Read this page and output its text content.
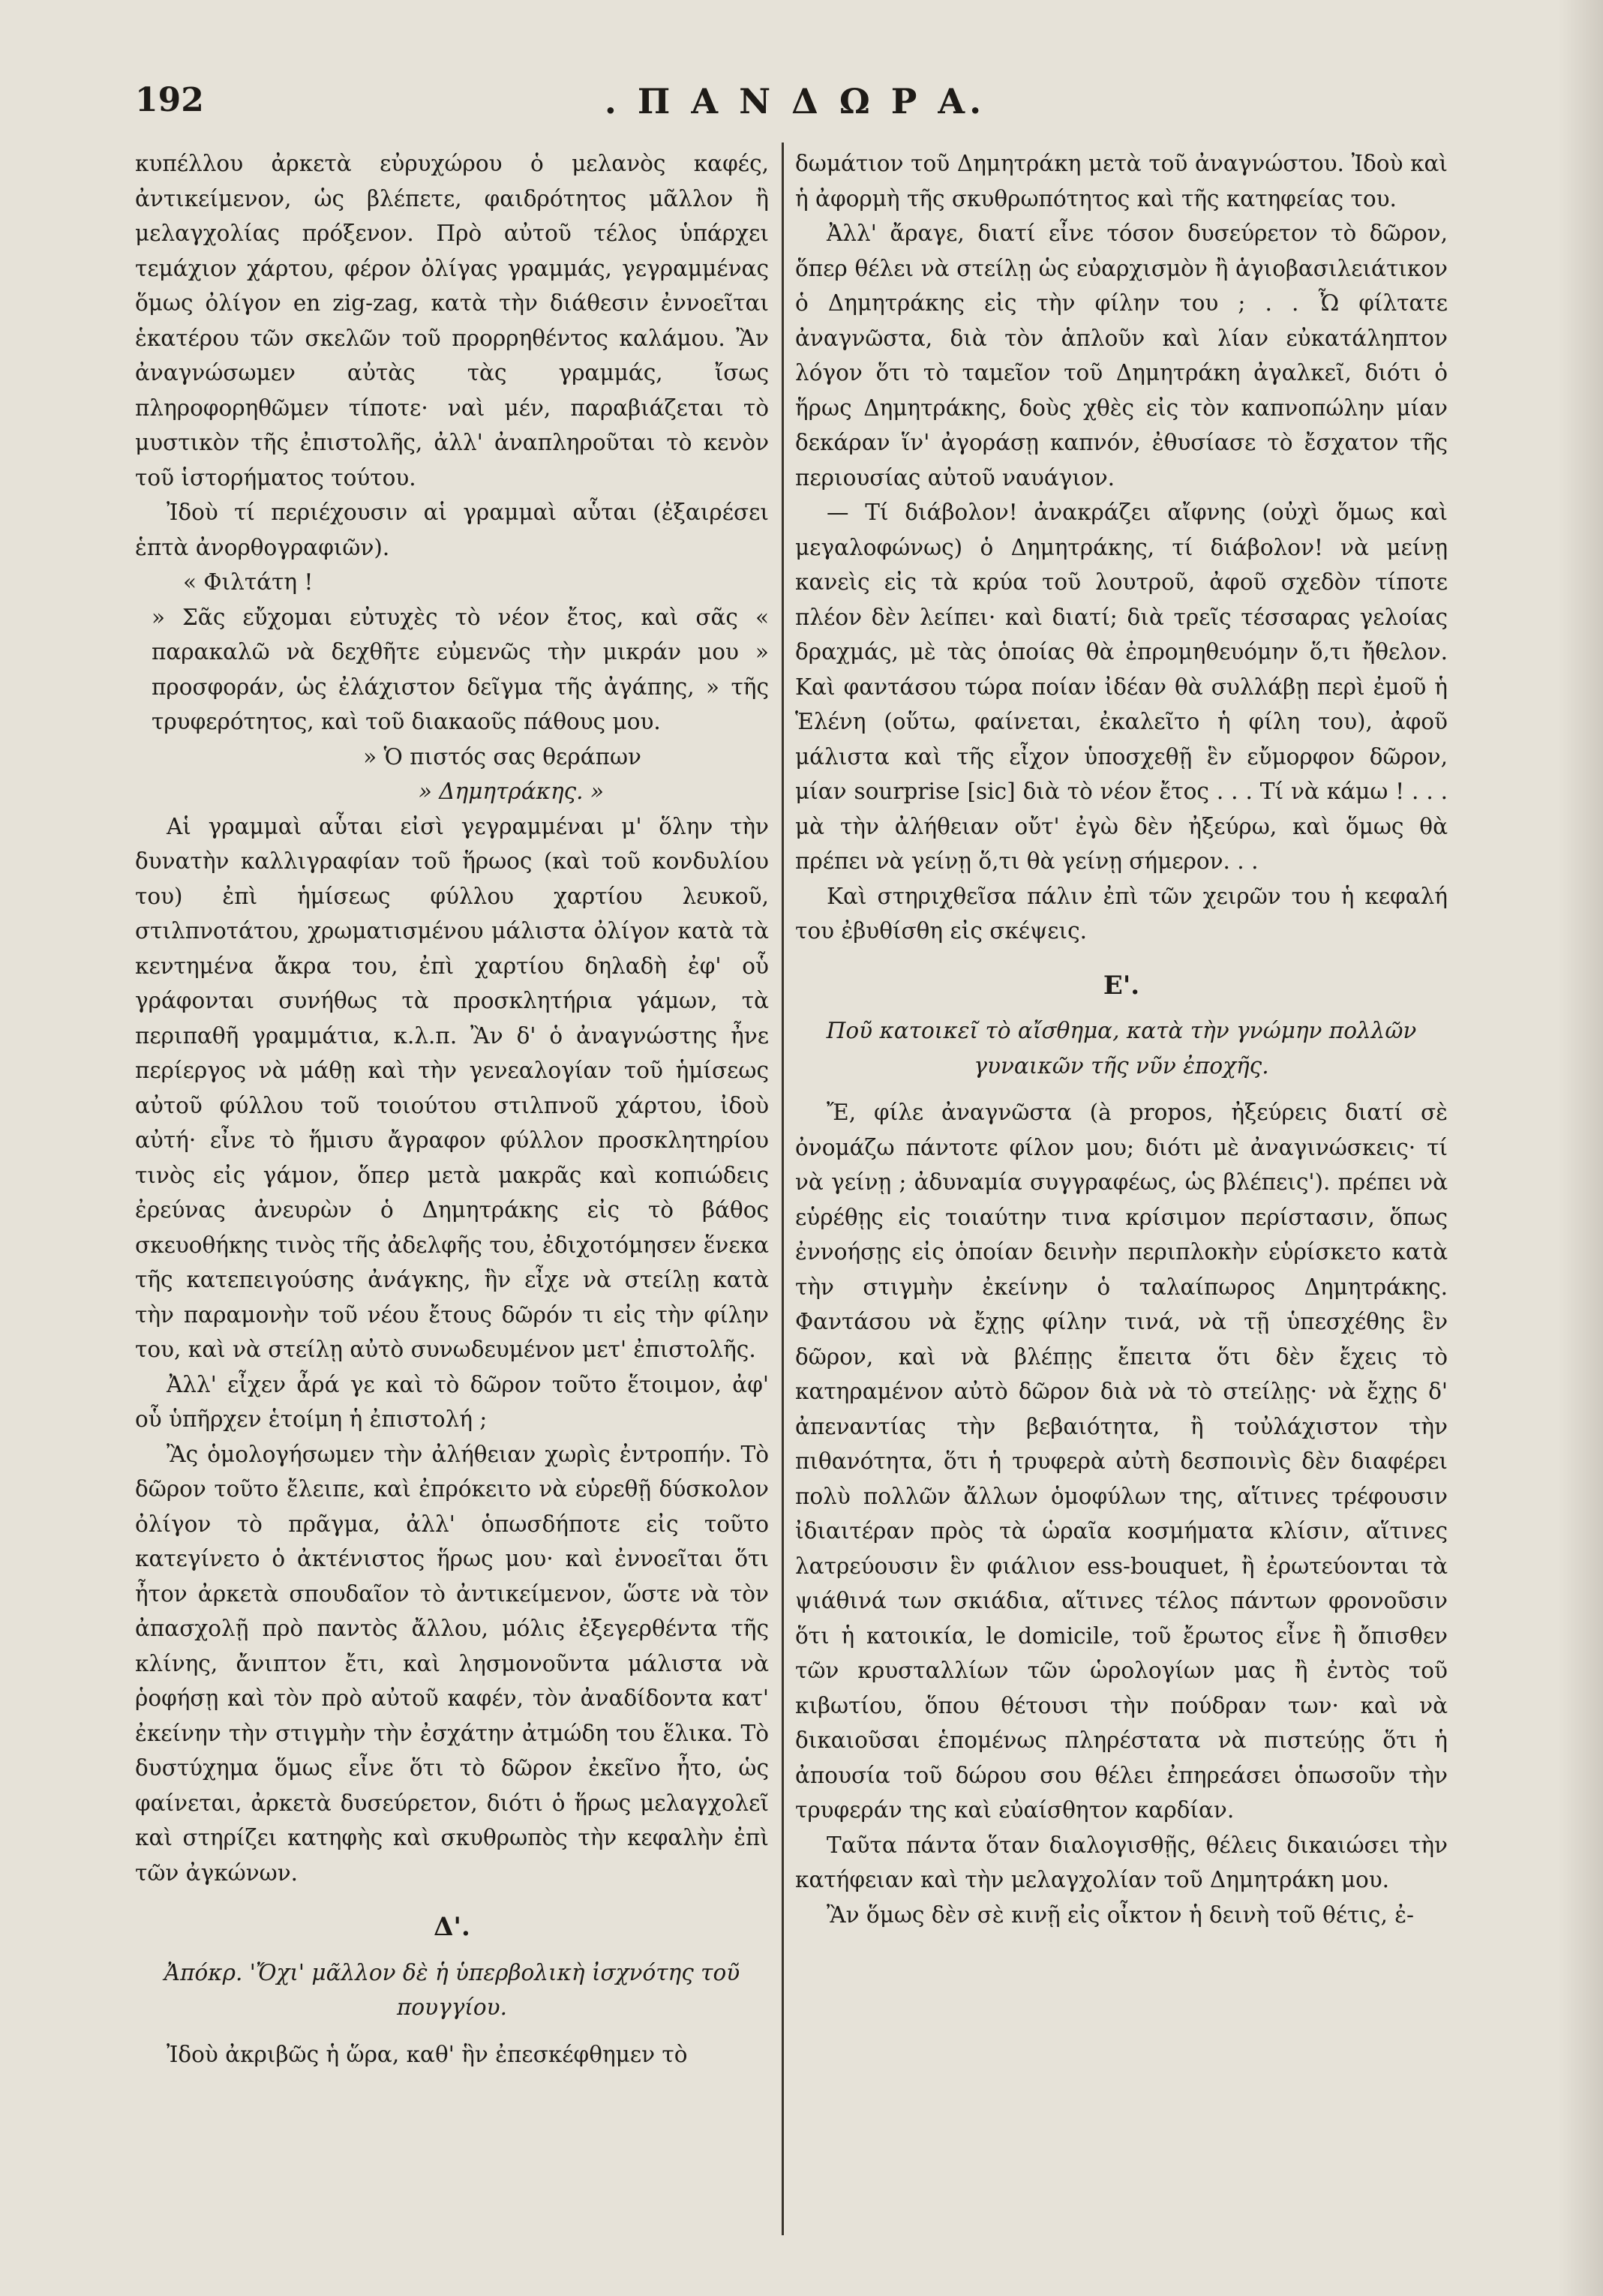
192	. Π Α Ν Δ Ω Ρ Α.

κυπέλλου ἀρκετὰ εὐρυχώρου ὁ μελανὸς καφές, ἀντικείμενον, ὡς βλέπετε, φαιδρότητος μᾶλλον ἢ μελαγχολίας πρόξενον. Πρὸ αὐτοῦ τέλος ὑπάρχει τεμάχιον χάρτου, φέρον ὀλίγας γραμμάς, γεγραμμένας ὅμως ὀλίγον en zig-zag, κατὰ τὴν διάθεσιν ἐννοεῖται ἑκατέρου τῶν σκελῶν τοῦ προρρηθέντος καλάμου. Ἂν ἀναγνώσωμεν αὐτὰς τὰς γραμμάς, ἴσως πληροφορηθῶμεν τίποτε· ναὶ μέν, παραβιάζεται τὸ μυστικὸν τῆς ἐπιστολῆς, ἀλλ' ἀναπληροῦται τὸ κενὸν τοῦ ἱστορήματος τούτου.

Ἰδοὺ τί περιέχουσιν αἱ γραμμαὶ αὗται (ἐξαιρέσει ἑπτὰ ἀνορθογραφιῶν).

« Φιλτάτη !

» Σᾶς εὔχομαι εὐτυχὲς τὸ νέον ἔτος, καὶ σᾶς « παρακαλῶ νὰ δεχθῆτε εὐμενῶς τὴν μικράν μου » προσφοράν, ὡς ἐλάχιστον δεῖγμα τῆς ἀγάπης, » τῆς τρυφερότητος, καὶ τοῦ διακαοῦς πάθους μου.

» Ὁ πιστός σας θεράπων

» Δημητράκης. »

Αἱ γραμμαὶ αὗται εἰσὶ γεγραμμέναι μ' ὅλην τὴν δυνατὴν καλλιγραφίαν τοῦ ἥρωος (καὶ τοῦ κονδυλίου του) ἐπὶ ἡμίσεως φύλλου χαρτίου λευκοῦ, στιλπνοτάτου, χρωματισμένου μάλιστα ὀλίγον κατὰ τὰ κεντημένα ἄκρα του, ἐπὶ χαρτίου δηλαδὴ ἐφ' οὗ γράφονται συνήθως τὰ προσκλητήρια γάμων, τὰ περιπαθῆ γραμμάτια, κ.λ.π. Ἂν δ' ὁ ἀναγνώστης ἦνε περίεργος νὰ μάθῃ καὶ τὴν γενεαλογίαν τοῦ ἡμίσεως αὐτοῦ φύλλου τοῦ τοιούτου στιλπνοῦ χάρτου, ἰδοὺ αὐτή· εἶνε τὸ ἥμισυ ἄγραφον φύλλον προσκλητηρίου τινὸς εἰς γάμον, ὅπερ μετὰ μακρᾶς καὶ κοπιώδεις ἐρεύνας ἀνευρὼν ὁ Δημητράκης εἰς τὸ βάθος σκευοθήκης τινὸς τῆς ἀδελφῆς του, ἐδιχοτόμησεν ἕνεκα τῆς κατεπειγούσης ἀνάγκης, ἣν εἶχε νὰ στείλῃ κατὰ τὴν παραμονὴν τοῦ νέου ἔτους δῶρόν τι εἰς τὴν φίλην του, καὶ νὰ στείλῃ αὐτὸ συνωδευμένον μετ' ἐπιστολῆς.

Ἀλλ' εἶχεν ἆρά γε καὶ τὸ δῶρον τοῦτο ἕτοιμον, ἀφ' οὗ ὑπῆρχεν ἑτοίμη ἡ ἐπιστολή ;

Ἂς ὁμολογήσωμεν τὴν ἀλήθειαν χωρὶς ἐντροπήν. Τὸ δῶρον τοῦτο ἔλειπε, καὶ ἐπρόκειτο νὰ εὑρεθῇ δύσκολον ὀλίγον τὸ πρᾶγμα, ἀλλ' ὁπωσδήποτε εἰς τοῦτο κατεγίνετο ὁ ἀκτένιστος ἥρως μου· καὶ ἐννοεῖται ὅτι ἦτον ἀρκετὰ σπουδαῖον τὸ ἀντικείμενον, ὥστε νὰ τὸν ἀπασχολῇ πρὸ παντὸς ἄλλου, μόλις ἐξεγερθέντα τῆς κλίνης, ἄνιπτον ἔτι, καὶ λησμονοῦντα μάλιστα νὰ ῥοφήσῃ καὶ τὸν πρὸ αὐτοῦ καφέν, τὸν ἀναδίδοντα κατ' ἐκείνην τὴν στιγμὴν τὴν ἐσχάτην ἀτμώδη του ἕλικα. Τὸ δυστύχημα ὅμως εἶνε ὅτι τὸ δῶρον ἐκεῖνο ἦτο, ὡς φαίνεται, ἀρκετὰ δυσεύρετον, διότι ὁ ἥρως μελαγχολεῖ καὶ στηρίζει κατηφὴς καὶ σκυθρωπὸς τὴν κεφαλὴν ἐπὶ τῶν ἀγκώνων.

Δ'.

Ἀπόκρ. 'Ὄχι' μᾶλλον δὲ ἡ ὑπερβολικὴ ἰσχνότης τοῦ πουγγίου.

Ἰδοὺ ἀκριβῶς ἡ ὥρα, καθ' ἣν ἐπεσκέφθημεν τὸ

δωμάτιον τοῦ Δημητράκη μετὰ τοῦ ἀναγνώστου. Ἰδοὺ καὶ ἡ ἀφορμὴ τῆς σκυθρωπότητος καὶ τῆς κατηφείας του.

Ἀλλ' ἄραγε, διατί εἶνε τόσον δυσεύρετον τὸ δῶρον, ὅπερ θέλει νὰ στείλῃ ὡς εὐαρχισμὸν ἢ ἁγιοβασιλειάτικον ὁ Δημητράκης εἰς τὴν φίλην του ; . . Ὦ φίλτατε ἀναγνῶστα, διὰ τὸν ἁπλοῦν καὶ λίαν εὐκατάληπτον λόγον ὅτι τὸ ταμεῖον τοῦ Δημητράκη ἀγαλκεῖ, διότι ὁ ἥρως Δημητράκης, δοὺς χθὲς εἰς τὸν καπνοπώλην μίαν δεκάραν ἵν' ἀγοράσῃ καπνόν, ἐθυσίασε τὸ ἔσχατον τῆς περιουσίας αὐτοῦ ναυάγιον.

— Τί διάβολον! ἀνακράζει αἴφνης (οὐχὶ ὅμως καὶ μεγαλοφώνως) ὁ Δημητράκης, τί διάβολον! νὰ μείνῃ κανεὶς εἰς τὰ κρύα τοῦ λουτροῦ, ἀφοῦ σχεδὸν τίποτε πλέον δὲν λείπει· καὶ διατί; διὰ τρεῖς τέσσαρας γελοίας δραχμάς, μὲ τὰς ὁποίας θὰ ἐπρομηθευόμην ὅ,τι ἤθελον. Καὶ φαντάσου τώρα ποίαν ἰδέαν θὰ συλλάβῃ περὶ ἐμοῦ ἡ Ἑλένη (οὕτω, φαίνεται, ἐκαλεῖτο ἡ φίλη του), ἀφοῦ μάλιστα καὶ τῆς εἶχον ὑποσχεθῇ ἓν εὔμορφον δῶρον, μίαν sourprise [sic] διὰ τὸ νέον ἔτος . . . Τί νὰ κάμω ! . . . μὰ τὴν ἀλήθειαν οὔτ' ἐγὼ δὲν ἠξεύρω, καὶ ὅμως θὰ πρέπει νὰ γείνῃ ὅ,τι θὰ γείνῃ σήμερον. . .

Καὶ στηριχθεῖσα πάλιν ἐπὶ τῶν χειρῶν του ἡ κεφαλή του ἐβυθίσθη εἰς σκέψεις.

Ε'.

Ποῦ κατοικεῖ τὸ αἴσθημα, κατὰ τὴν γνώμην πολλῶν γυναικῶν τῆς νῦν ἐποχῆς.

Ἔ, φίλε ἀναγνῶστα (à propos, ἠξεύρεις διατί σὲ ὀνομάζω πάντοτε φίλον μου; διότι μὲ ἀναγινώσκεις· τί νὰ γείνῃ ; ἀδυναμία συγγραφέως, ὡς βλέπεις'). πρέπει νὰ εὑρέθῃς εἰς τοιαύτην τινα κρίσιμον περίστασιν, ὅπως ἐννοήσῃς εἰς ὁποίαν δεινὴν περιπλοκὴν εὑρίσκετο κατὰ τὴν στιγμὴν ἐκείνην ὁ ταλαίπωρος Δημητράκης. Φαντάσου νὰ ἔχῃς φίλην τινά, νὰ τῇ ὑπεσχέθης ἓν δῶρον, καὶ νὰ βλέπῃς ἔπειτα ὅτι δὲν ἔχεις τὸ κατηραμένον αὐτὸ δῶρον διὰ νὰ τὸ στείλῃς· νὰ ἔχῃς δ' ἀπεναντίας τὴν βεβαιότητα, ἢ τοὐλάχιστον τὴν πιθανότητα, ὅτι ἡ τρυφερὰ αὐτὴ δεσποινὶς δὲν διαφέρει πολὺ πολλῶν ἄλλων ὁμοφύλων της, αἵτινες τρέφουσιν ἰδιαιτέραν πρὸς τὰ ὡραῖα κοσμήματα κλίσιν, αἵτινες λατρεύουσιν ἓν φιάλιον ess-bouquet, ἢ ἐρωτεύονται τὰ ψιάθινά των σκιάδια, αἵτινες τέλος πάντων φρονοῦσιν ὅτι ἡ κατοικία, le domicile, τοῦ ἔρωτος εἶνε ἢ ὄπισθεν τῶν κρυσταλλίων τῶν ὡρολογίων μας ἢ ἐντὸς τοῦ κιβωτίου, ὅπου θέτουσι τὴν πούδραν των· καὶ νὰ δικαιοῦσαι ἑπομένως πληρέστατα νὰ πιστεύῃς ὅτι ἡ ἀπουσία τοῦ δώρου σου θέλει ἐπηρεάσει ὁπωσοῦν τὴν τρυφεράν της καὶ εὐαίσθητον καρδίαν.

Ταῦτα πάντα ὅταν διαλογισθῇς, θέλεις δικαιώσει τὴν κατήφειαν καὶ τὴν μελαγχολίαν τοῦ Δημητράκη μου.

Ἂν ὅμως δὲν σὲ κινῇ εἰς οἶκτον ἡ δεινὴ τοῦ θέτις, ἐ-
